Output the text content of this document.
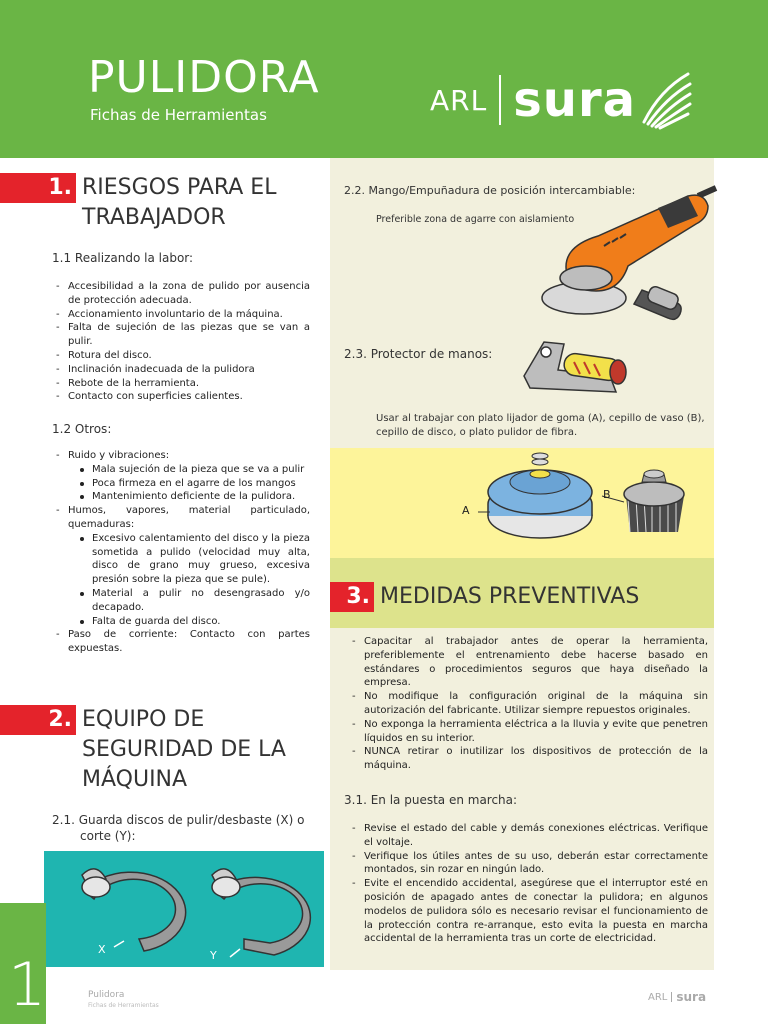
PULIDORA
Fichas de Herramientas	ARL sura
1. RIESGOS PARA EL
TRABAJADOR
1.1 Realizando la labor:
- Accesibilidad a la zona de pulido por ausencia de protección adecuada.
- Accionamiento involuntario de la máquina.
- Falta de sujeción de las piezas que se van a pulir.
- Rotura del disco.
- Inclinación inadecuada de la pulidora
- Rebote de la herramienta.
- Contacto con superficies calientes.
1.2 Otros:
- Ruido y vibraciones:
Mala sujeción de la pieza que se va a pulir
Poca firmeza en el agarre de los mangos
Mantenimiento deficiente de la pulidora.
- Humos, vapores, material particulado, quemaduras:
Excesivo calentamiento del disco y la pieza sometida a pulido (velocidad muy alta, disco de grano muy grueso, excesiva presión sobre la pieza que se pule).
Material a pulir no desengrasado y/o decapado.
Falta de guarda del disco.
- Paso de corriente: Contacto con partes expuestas.
2. EQUIPO DE
SEGURIDAD DE LA
MÁQUINA
2.1. Guarda discos de pulir/desbaste (X) o
corte (Y):
X	Y
2.2. Mango/Empuñadura de posición intercambiable:
Preferible zona de agarre con aislamiento
2.3. Protector de manos:
Usar al trabajar con plato lijador de goma (A), cepillo de vaso (B), cepillo de disco, o plato pulidor de fibra.
A
B
3. MEDIDAS PREVENTIVAS
- Capacitar al trabajador antes de operar la herramienta, preferiblemente el entrenamiento debe hacerse basado en estándares o procedimientos seguros que haya diseñado la empresa.
- No modifique la configuración original de la máquina sin autorización del fabricante. Utilizar siempre repuestos originales.
- No exponga la herramienta eléctrica a la lluvia y evite que penetren líquidos en su interior.
- NUNCA retirar o inutilizar los dispositivos de protección de la máquina.
3.1. En la puesta en marcha:
- Revise el estado del cable y demás conexiones eléctricas. Verifique el voltaje.
- Verifique los útiles antes de su uso, deberán estar correctamente montados, sin rozar en ningún lado.
- Evite el encendido accidental, asegúrese que el interruptor esté en posición de apagado antes de conectar la pulidora; en algunos modelos de pulidora sólo es necesario revisar el funcionamiento de la protección contra re-arranque, esto evita la puesta en marcha accidental de la herramienta tras un corte de electricidad.
1	Pulidora
Fichas de Herramientas
ARL sura
